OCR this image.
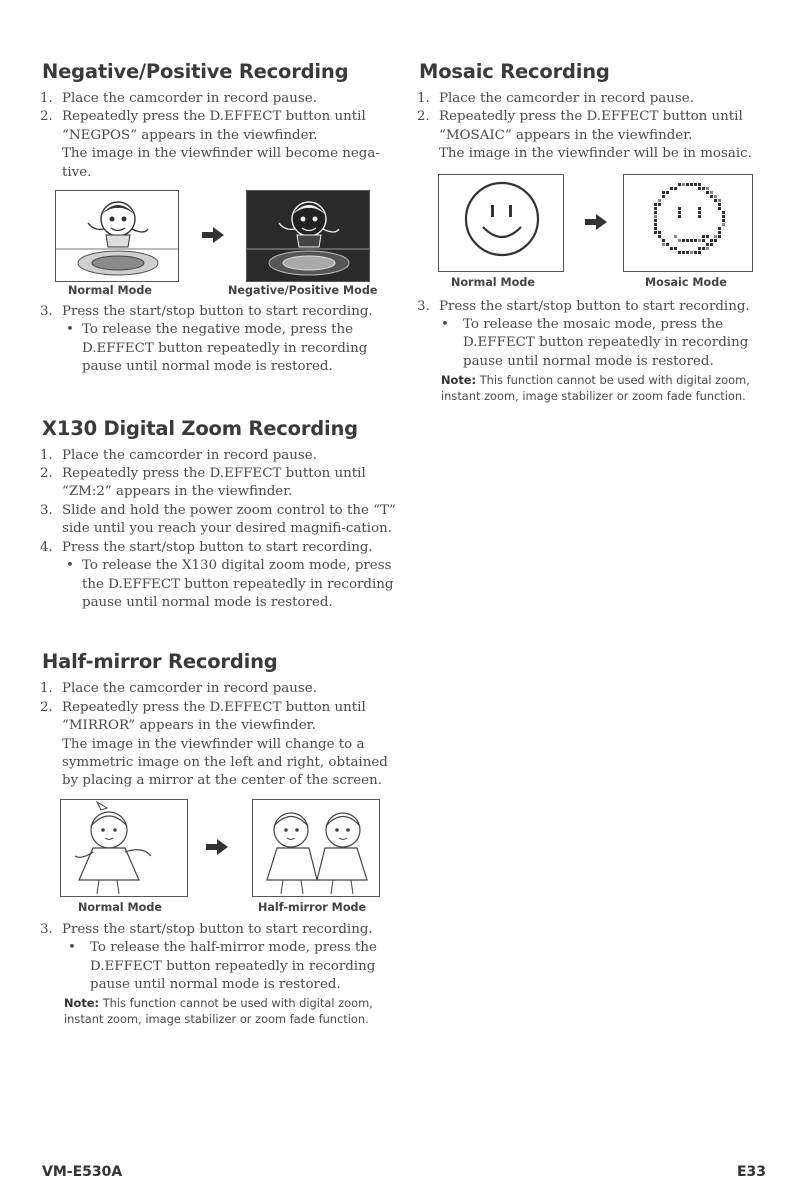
Negative/Positive Recording
1. Place the camcorder in record pause.
2. Repeatedly press the D.EFFECT button until “NEGPOS” appears in the viewfinder.
The image in the viewfinder will become nega-tive.
Normal Mode	Negative/Positive Mode
3. Press the start/stop button to start recording.
• To release the negative mode, press the D.EFFECT button repeatedly in recording pause until normal mode is restored.
X130 Digital Zoom Recording
1. Place the camcorder in record pause.
2. Repeatedly press the D.EFFECT button until “ZM:2” appears in the viewfinder.
3. Slide and hold the power zoom control to the “T” side until you reach your desired magnifi-cation.
4. Press the start/stop button to start recording.
• To release the X130 digital zoom mode, press the D.EFFECT button repeatedly in recording pause until normal mode is restored.
Half-mirror Recording
1. Place the camcorder in record pause.
2. Repeatedly press the D.EFFECT button until “MIRROR” appears in the viewfinder.
The image in the viewfinder will change to a symmetric image on the left and right, obtained by placing a mirror at the center of the screen.
Normal Mode	Half-mirror Mode
3. Press the start/stop button to start recording.
• To release the half-mirror mode, press the D.EFFECT button repeatedly in recording pause until normal mode is restored.
Note: This function cannot be used with digital zoom, instant zoom, image stabilizer or zoom fade function.
Mosaic Recording
1. Place the camcorder in record pause.
2. Repeatedly press the D.EFFECT button until “MOSAIC” appears in the viewfinder.
The image in the viewfinder will be in mosaic.
Normal Mode	Mosaic Mode
3. Press the start/stop button to start recording.
• To release the mosaic mode, press the D.EFFECT button repeatedly in recording pause until normal mode is restored.
Note: This function cannot be used with digital zoom, instant zoom, image stabilizer or zoom fade function.
VM-E530A	E33
